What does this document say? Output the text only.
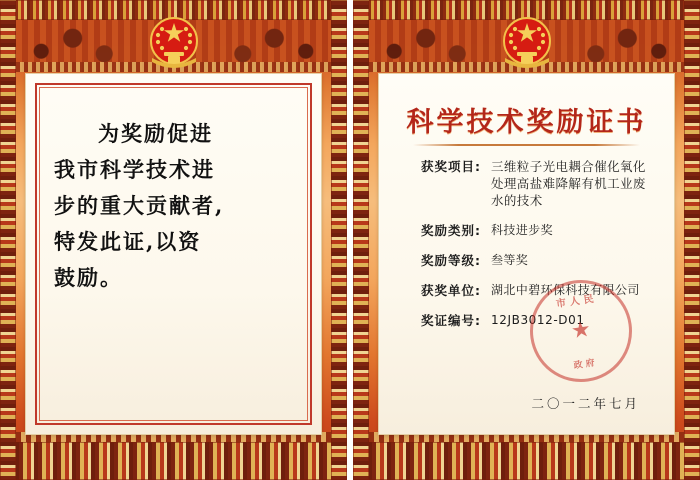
为奖励促进
我市科学技术进
步的重大贡献者,
特发此证,以资
鼓励。
科学技术奖励证书
获奖项目: 三维粒子光电耦合催化氧化处理高盐难降解有机工业废水的技术
奖励类别: 科技进步奖
奖励等级: 叁等奖
获奖单位: 湖北中碧环保科技有限公司
奖证编号: 12JB3012-D01
市人民
★
政府
二〇一二年七月
